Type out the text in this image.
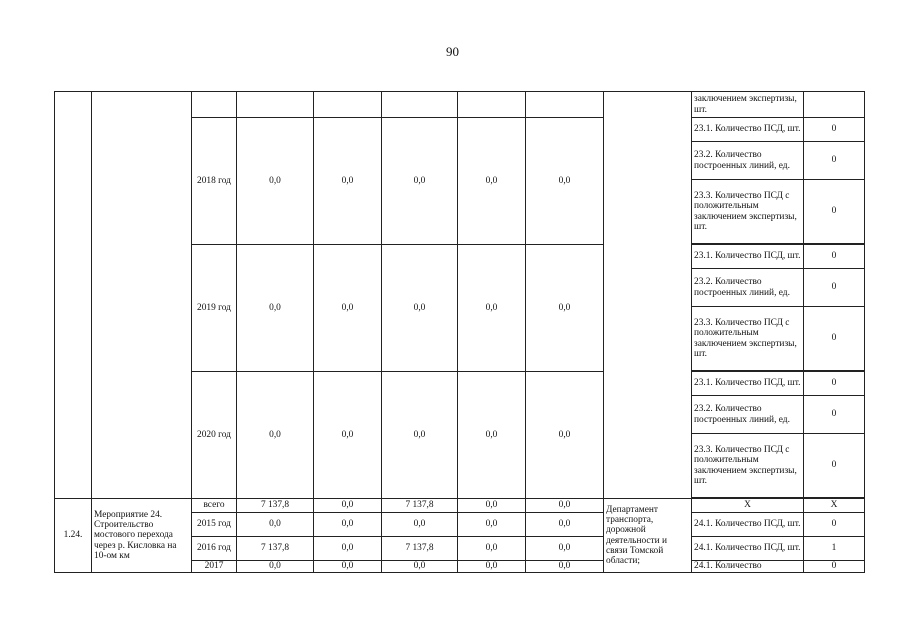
90
									заключением экспертизы, шт.	
		2018 год	0,0	0,0	0,0	0,0	0,0		23.1. Количество ПСД, шт.	0
									23.2. Количество построенных линий, ед.	0
									23.3. Количество ПСД с положительным заключением экспертизы, шт.	0

		2019 год	0,0	0,0	0,0	0,0	0,0		23.1. Количество ПСД, шт.	0
									23.2. Количество построенных линий, ед.	0
									23.3. Количество ПСД с положительным заключением экспертизы, шт.	0

		2020 год	0,0	0,0	0,0	0,0	0,0		23.1. Количество ПСД, шт.	0
									23.2. Количество построенных линий, ед.	0
									23.3. Количество ПСД с положительным заключением экспертизы, шт.	0

1.24.	Мероприятие 24. Строительство мостового перехода через р. Кисловка на 10-ом км	всего	7 137,8	0,0	7 137,8	0,0	0,0	Департамент транспорта, дорожной деятельности и связи Томской области;	X	X
		2015 год	0,0	0,0	0,0	0,0	0,0		24.1. Количество ПСД, шт.	0
		2016 год	7 137,8	0,0	7 137,8	0,0	0,0		24.1. Количество ПСД, шт.	1
		2017	0,0	0,0	0,0	0,0	0,0		24.1. Количество	0
